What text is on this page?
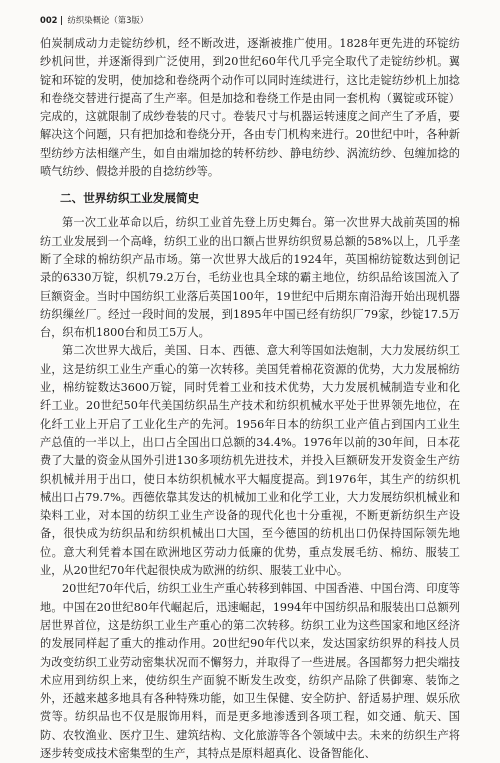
002 纺织染概论（第3版）

伯炭制成动力走锭纺纱机，经不断改进，逐渐被推广使用。1828年更先进的环锭纺纱机问世，并逐渐得到广泛使用，到20世纪60年代几乎完全取代了走锭纺纱机。翼锭和环锭的发明，使加捻和卷绕两个动作可以同时连续进行，这比走锭纺纱机上加捻和卷绕交替进行提高了生产率。但是加捻和卷绕工作是由同一套机构（翼锭或环锭）完成的，这就限制了成纱卷装的尺寸。卷装尺寸与机器运转速度之间产生了矛盾，要解决这个问题，只有把加捻和卷绕分开，各由专门机构来进行。20世纪中叶，各种新型纺纱方法相继产生，如自由端加捻的转杯纺纱、静电纺纱、涡流纺纱、包缠加捻的喷气纺纱、假捻并股的自捻纺纱等。

二、世界纺织工业发展简史

第一次工业革命以后，纺织工业首先登上历史舞台。第一次世界大战前英国的棉纺工业发展到一个高峰，纺织工业的出口额占世界纺织贸易总额的58%以上，几乎垄断了全球的棉纺织产品市场。第一次世界大战后的1924年，英国棉纺锭数达到创记录的6330万锭，织机79.2万台，毛纺业也具全球的霸主地位，纺织品给该国流入了巨额资金。当时中国纺织工业落后英国100年，19世纪中后期东南沿海开始出现机器纺织缫丝厂。经过一段时间的发展，到1895年中国已经有纺织厂79家，纱锭17.5万台，织布机1800台和员工5万人。

第二次世界大战后，美国、日本、西德、意大利等国如法炮制，大力发展纺织工业，这是纺织工业生产重心的第一次转移。美国凭着棉花资源的优势，大力发展棉纺业，棉纺锭数达3600万锭，同时凭着工业和技术优势，大力发展机械制造专业和化纤工业。20世纪50年代美国纺织品生产技术和纺织机械水平处于世界领先地位，在化纤工业上开启了工业化生产的先河。1956年日本的纺织工业产值占到国内工业生产总值的一半以上，出口占全国出口总额的34.4%。1976年以前的30年间，日本花费了大量的资金从国外引进130多项纺机先进技术，并投入巨额研发开发资金生产纺织机械并用于出口，使日本纺织机械水平大幅度提高。到1976年，其生产的纺织机械出口占79.7%。西德依靠其发达的机械加工业和化学工业，大力发展纺织机械业和染料工业，对本国的纺织工业生产设备的现代化也十分重视，不断更新纺织生产设备，很快成为纺织品和纺织机械出口大国，至今德国的纺机出口仍保持国际领先地位。意大利凭着本国在欧洲地区劳动力低廉的优势，重点发展毛纺、棉纺、服装工业，从20世纪70年代起很快成为欧洲的纺织、服装工业中心。

20世纪70年代后，纺织工业生产重心转移到韩国、中国香港、中国台湾、印度等地。中国在20世纪80年代崛起后，迅速崛起，1994年中国纺织品和服装出口总额列居世界首位，这是纺织工业生产重心的第二次转移。纺织工业为这些国家和地区经济的发展同样起了重大的推动作用。20世纪90年代以来，发达国家纺织界的科技人员为改变纺织工业劳动密集状况而不懈努力，并取得了一些进展。各国都努力把尖端技术应用到纺织上来，使纺织生产面貌不断发生改变，纺织产品除了供御寒、装饰之外，还越来越多地具有各种特殊功能，如卫生保健、安全防护、舒适易护理、娱乐欣赏等。纺织品也不仅是服饰用料，而是更多地渗透到各项工程，如交通、航天、国防、农牧渔业、医疗卫生、建筑结构、文化旅游等各个领域中去。未来的纺织生产将逐步转变成技术密集型的生产，其特点是原料超真化、设备智能化、
